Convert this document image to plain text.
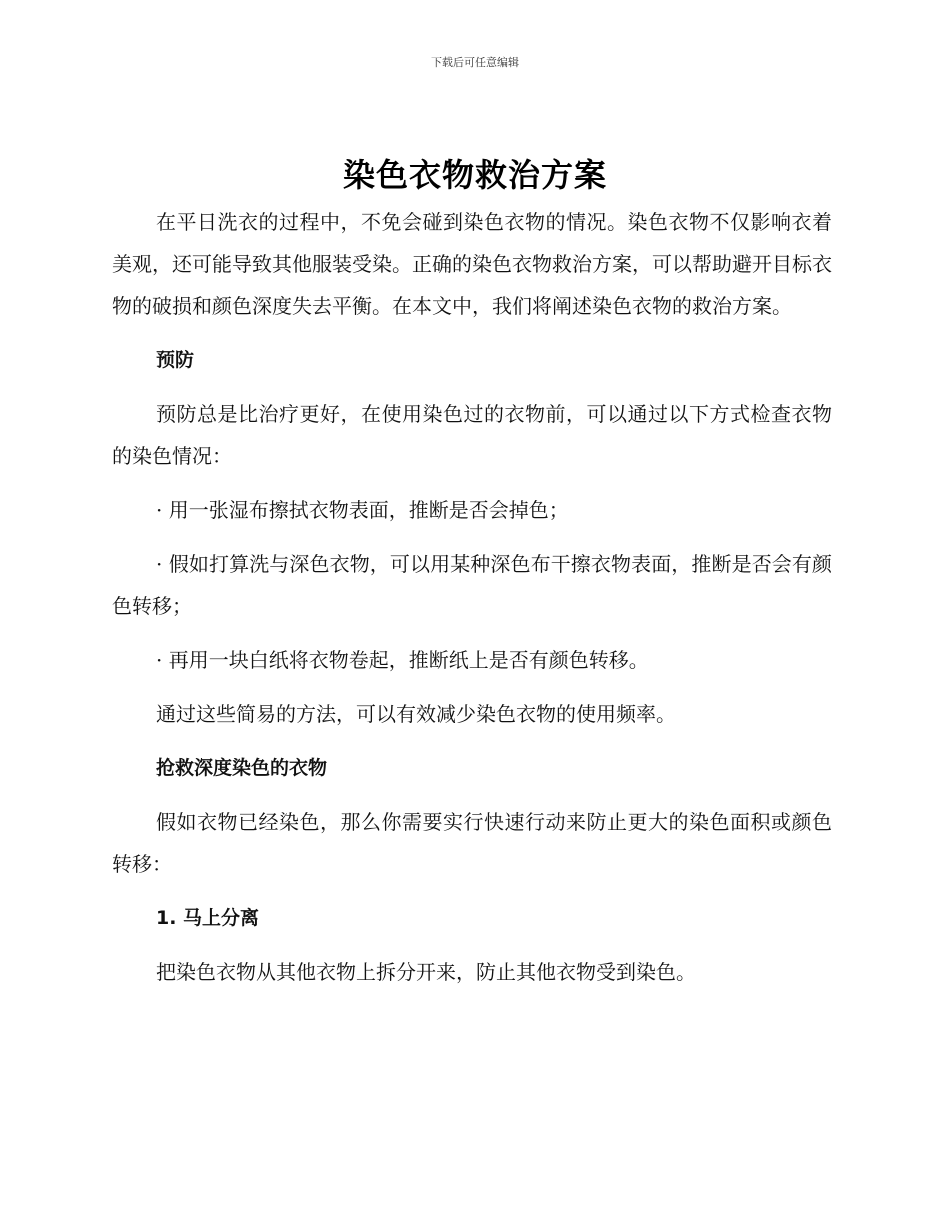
下载后可任意编辑
染色衣物救治方案

在平日洗衣的过程中，不免会碰到染色衣物的情况。染色衣物不仅影响衣着美观，还可能导致其他服装受染。正确的染色衣物救治方案，可以帮助避开目标衣物的破损和颜色深度失去平衡。在本文中，我们将阐述染色衣物的救治方案。

预防

预防总是比治疗更好，在使用染色过的衣物前，可以通过以下方式检查衣物的染色情况：

· 用一张湿布擦拭衣物表面，推断是否会掉色；

· 假如打算洗与深色衣物，可以用某种深色布干擦衣物表面，推断是否会有颜色转移；

· 再用一块白纸将衣物卷起，推断纸上是否有颜色转移。

通过这些简易的方法，可以有效减少染色衣物的使用频率。

抢救深度染色的衣物

假如衣物已经染色，那么你需要实行快速行动来防止更大的染色面积或颜色转移：

1. 马上分离

把染色衣物从其他衣物上拆分开来，防止其他衣物受到染色。
